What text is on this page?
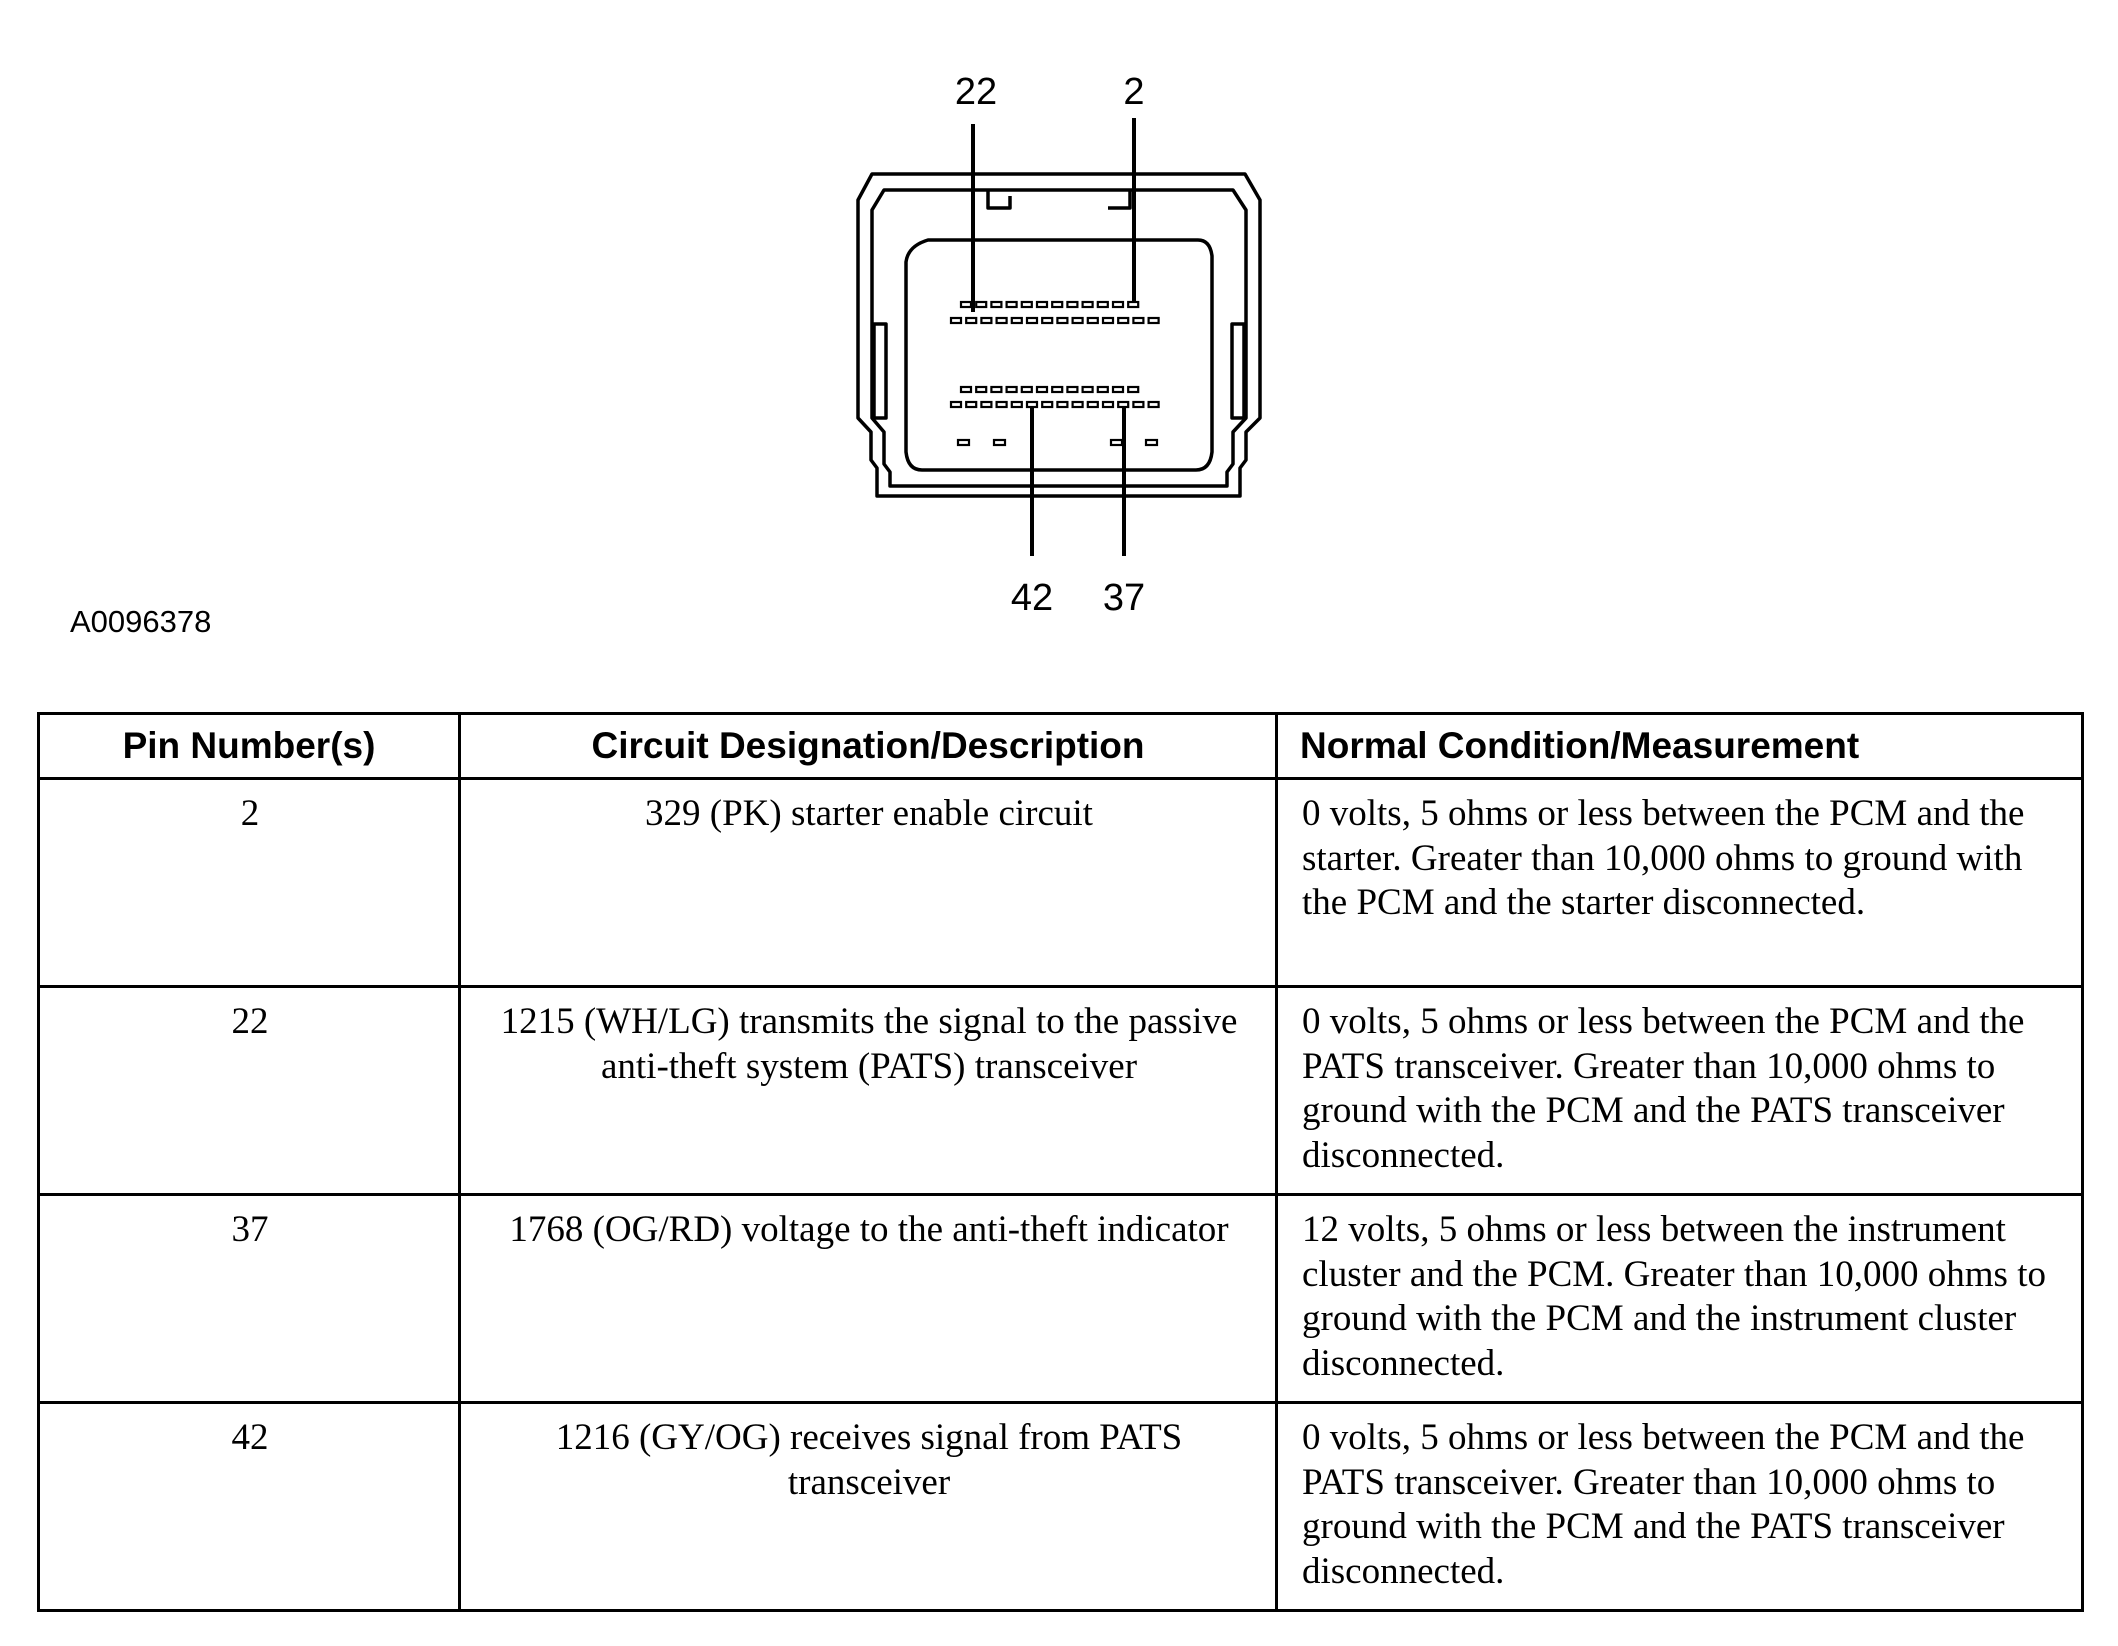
22	2
42 37
A0096378
Pin Number(s)	Circuit Designation/Description	Normal Condition/Measurement
2	329 (PK) starter enable circuit	0 volts, 5 ohms or less between the PCM and the starter. Greater than 10,000 ohms to ground with the PCM and the starter disconnected.
22	1215 (WH/LG) transmits the signal to the passive anti-theft system (PATS) transceiver	0 volts, 5 ohms or less between the PCM and the PATS transceiver. Greater than 10,000 ohms to ground with the PCM and the PATS transceiver disconnected.
37	1768 (OG/RD) voltage to the anti-theft indicator	12 volts, 5 ohms or less between the instrument cluster and the PCM. Greater than 10,000 ohms to ground with the PCM and the instrument cluster disconnected.
42	1216 (GY/OG) receives signal from PATS transceiver	0 volts, 5 ohms or less between the PCM and the PATS transceiver. Greater than 10,000 ohms to ground with the PCM and the PATS transceiver disconnected.
